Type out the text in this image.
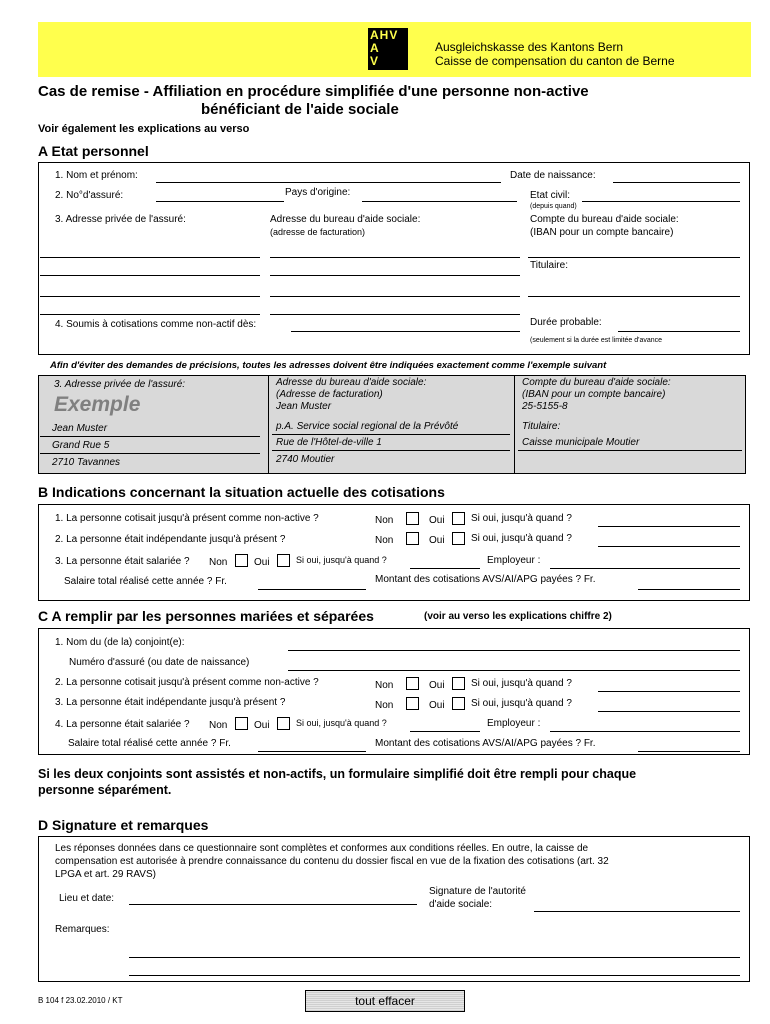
AHV
A
V
Ausgleichskasse des Kantons Bern
Caisse de compensation du canton de Berne
Cas de remise - Affiliation en procédure simplifiée d'une personne non-active
bénéficiant de l'aide sociale
Voir également les explications au verso
A Etat personnel
1. Nom et prénom:	Date de naissance:
2. No°d'assuré:	Pays d'origine:	Etat civil:
(depuis quand)
3. Adresse privée de l'assuré:	Adresse du bureau d'aide sociale:
(adresse de facturation)
Compte du bureau d'aide sociale:
(IBAN pour un compte bancaire)
Titulaire:
4. Soumis à cotisations comme non-actif dès:	Durée probable:
(seulement si la durée est limitée d'avance
Afin d'éviter des demandes de précisions, toutes les adresses doivent être indiquées exactement comme l'exemple suivant
3. Adresse privée de l'assuré:
Exemple
Jean Muster
Grand Rue 5
2710 Tavannes
Adresse du bureau d'aide sociale:
(Adresse de facturation)
Jean Muster
p.A. Service social regional de la Prévôté
Rue de l'Hôtel-de-ville 1
2740 Moutier
Compte du bureau d'aide sociale:
(IBAN pour un compte bancaire)
25-5155-8
Titulaire:
Caisse municipale Moutier
B Indications concernant la situation actuelle des cotisations
1. La personne cotisait jusqu'à présent comme non-active ?	Non	Oui	Si oui, jusqu'à quand ?
2. La personne était indépendante jusqu'à présent ?	Non	Oui	Si oui, jusqu'à quand ?
3. La personne était salariée ? Non	Oui	Si oui, jusqu'à quand ?	Employeur :
Salaire total réalisé cette année ? Fr.	Montant des cotisations AVS/AI/APG payées ? Fr.
C A remplir par les personnes mariées et séparées	(voir au verso les explications chiffre 2)
1. Nom du (de la) conjoint(e):
Numéro d'assuré (ou date de naissance)
2. La personne cotisait jusqu'à présent comme non-active ?	Non	Oui	Si oui, jusqu'à quand ?
3. La personne était indépendante jusqu'à présent ?	Non	Oui	Si oui, jusqu'à quand ?
4. La personne était salariée ? Non	Oui	Si oui, jusqu'à quand ?	Employeur :
Salaire total réalisé cette année ? Fr.	Montant des cotisations AVS/AI/APG payées ? Fr.
Si les deux conjoints sont assistés et non-actifs, un formulaire simplifié doit être rempli pour chaque
personne séparément.
D Signature et remarques
Les réponses données dans ce questionnaire sont complètes et conformes aux conditions réelles. En outre, la caisse de
compensation est autorisée à prendre connaissance du contenu du dossier fiscal en vue de la fixation des cotisations (art. 32
LPGA et art. 29 RAVS)
Lieu et date:
Signature de l'autorité
d'aide sociale:
Remarques:
B 104 f 23.02.2010 / KT	tout effacer
